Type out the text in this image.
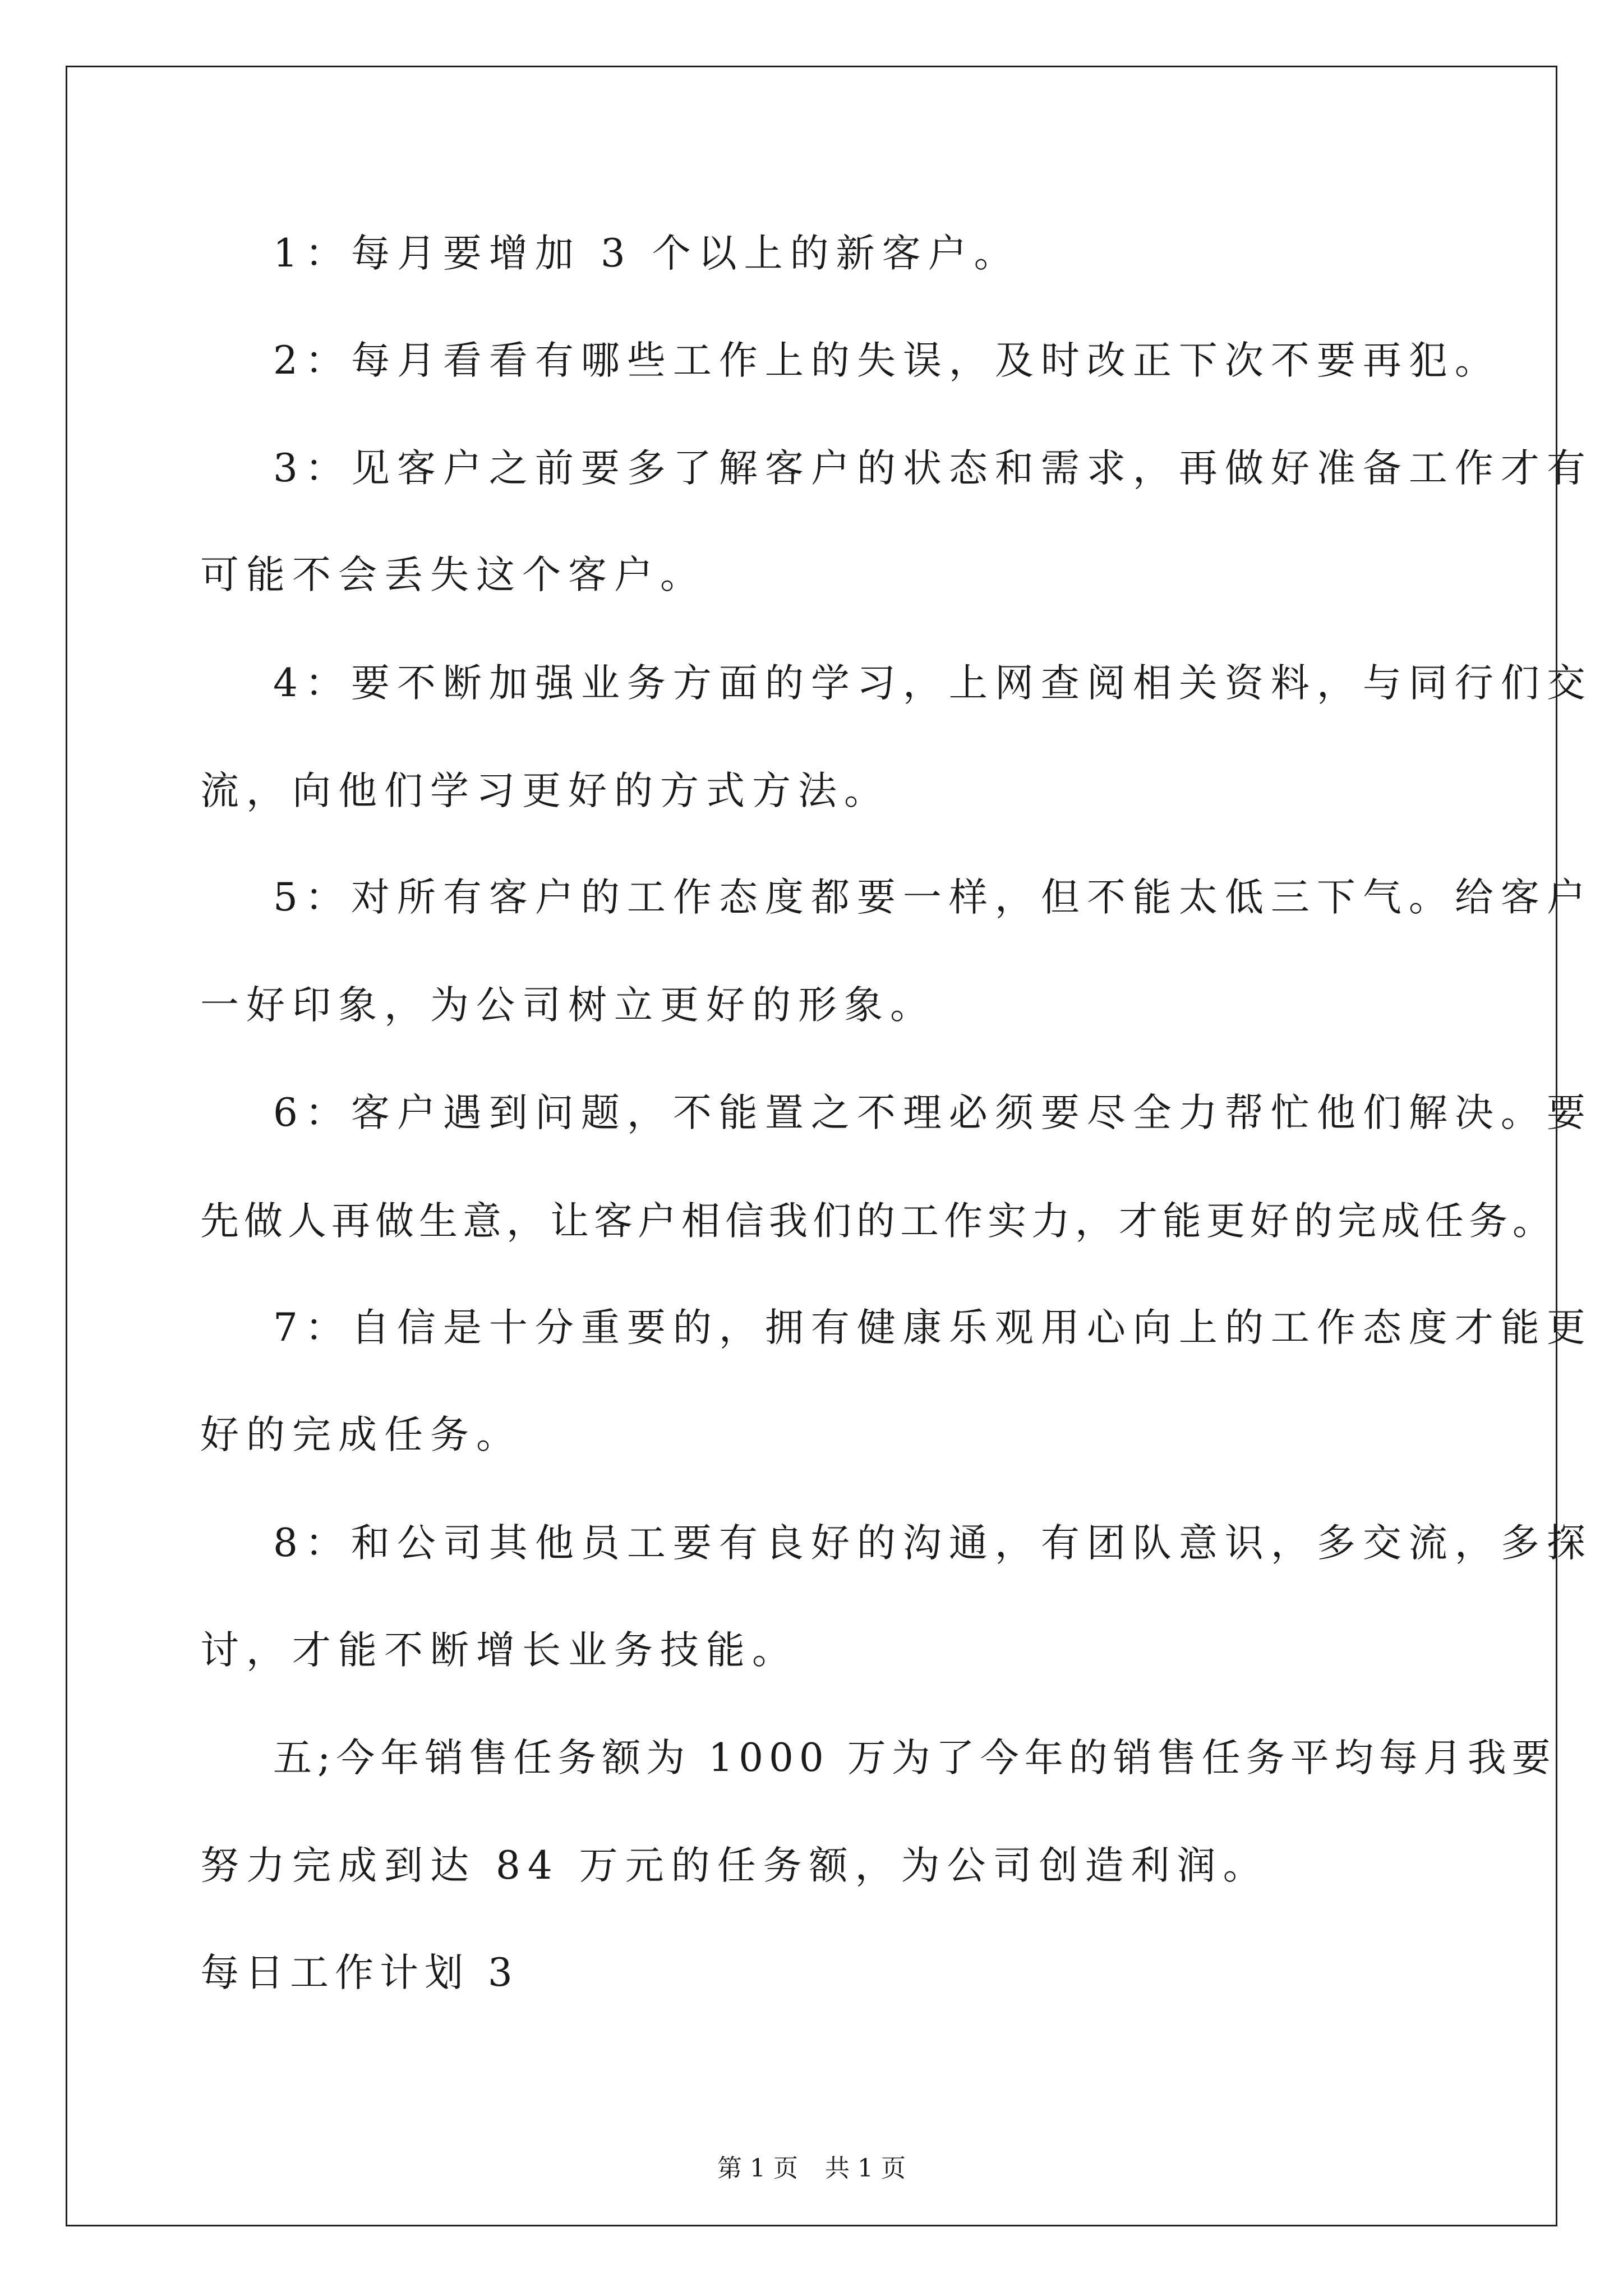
1：每月要增加 3 个以上的新客户。
2：每月看看有哪些工作上的失误，及时改正下次不要再犯。
3：见客户之前要多了解客户的状态和需求，再做好准备工作才有
可能不会丢失这个客户。
4：要不断加强业务方面的学习，上网查阅相关资料，与同行们交
流，向他们学习更好的方式方法。
5：对所有客户的工作态度都要一样，但不能太低三下气。给客户
一好印象，为公司树立更好的形象。
6：客户遇到问题，不能置之不理必须要尽全力帮忙他们解决。要
先做人再做生意，让客户相信我们的工作实力，才能更好的完成任务。
7：自信是十分重要的，拥有健康乐观用心向上的工作态度才能更
好的完成任务。
8：和公司其他员工要有良好的沟通，有团队意识，多交流，多探
讨，才能不断增长业务技能。
五;今年销售任务额为 1000 万为了今年的销售任务平均每月我要
努力完成到达 84 万元的任务额，为公司创造利润。
每日工作计划 3
第 1 页 共 1 页
